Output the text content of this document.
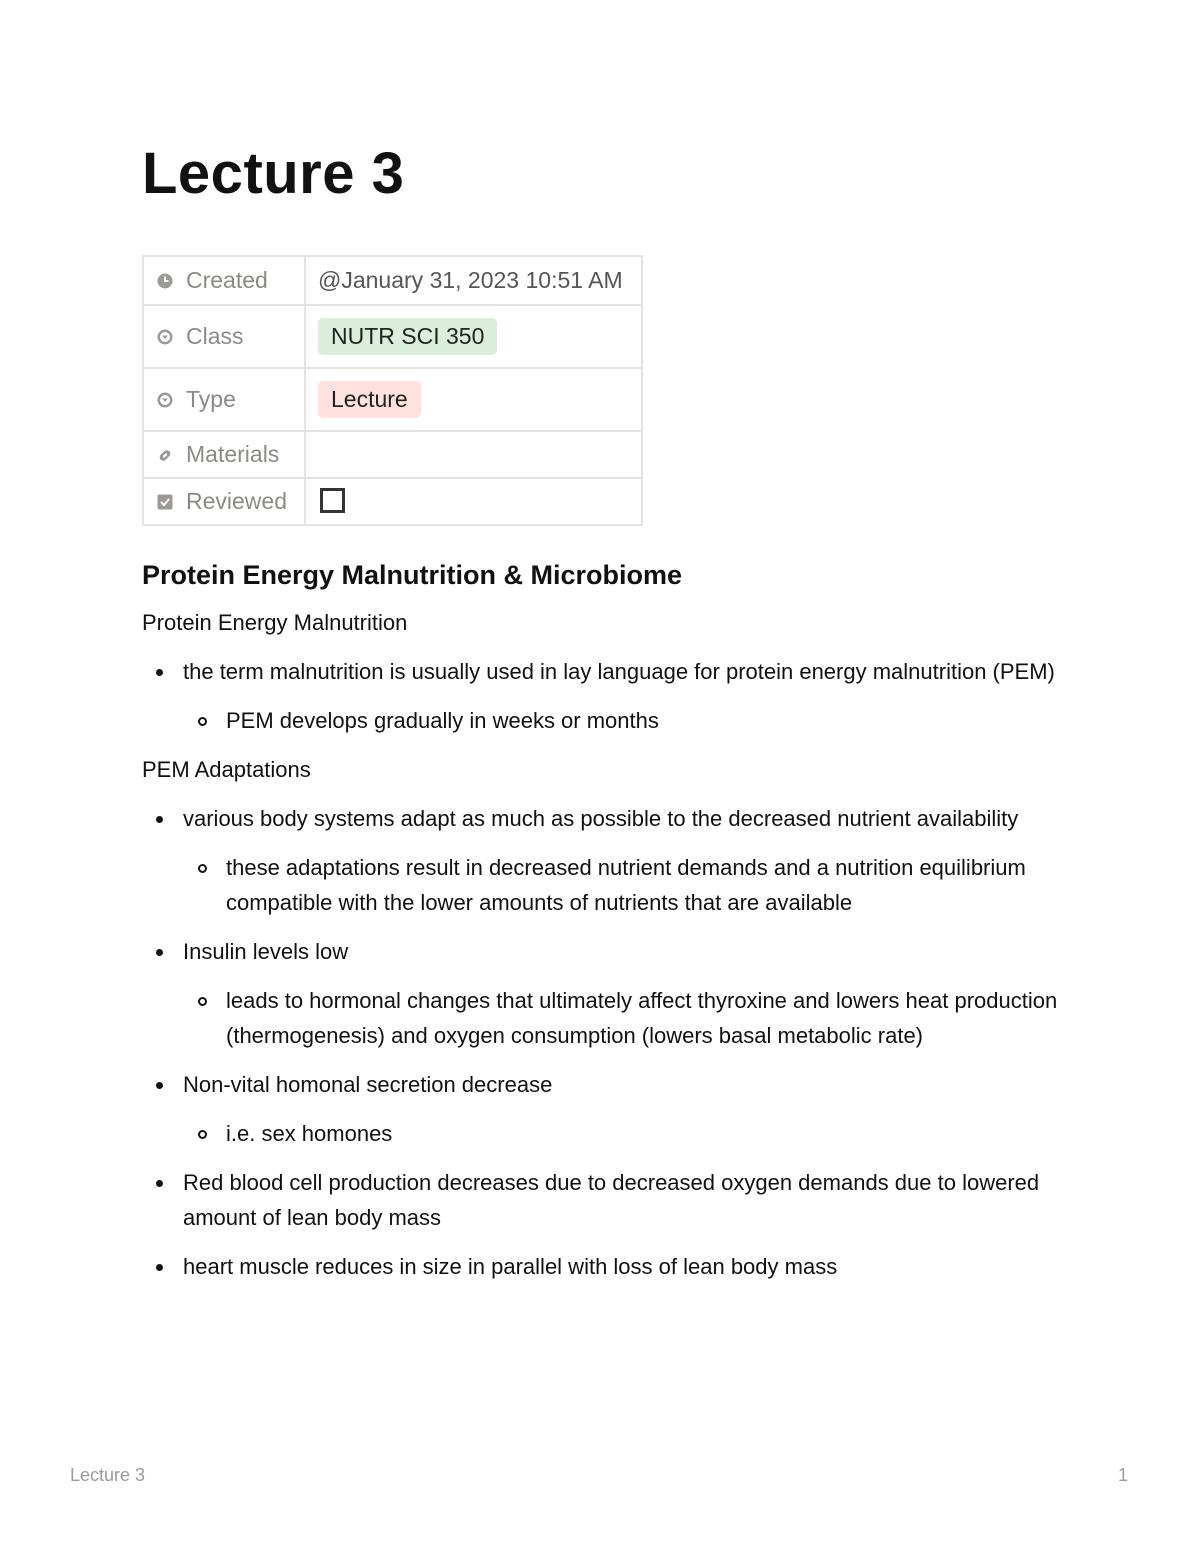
Lecture 3
Created	@January 31, 2023 10:51 AM
Class	NUTR SCI 350
Type	Lecture
Materials	
Reviewed	
Protein Energy Malnutrition & Microbiome

Protein Energy Malnutrition

the term malnutrition is usually used in lay language for protein energy malnutrition (PEM)
PEM develops gradually in weeks or months

PEM Adaptations

various body systems adapt as much as possible to the decreased nutrient availability
these adaptations result in decreased nutrient demands and a nutrition equilibrium compatible with the lower amounts of nutrients that are available
Insulin levels low
leads to hormonal changes that ultimately affect thyroxine and lowers heat production (thermogenesis) and oxygen consumption (lowers basal metabolic rate)
Non-vital homonal secretion decrease
i.e. sex homones
Red blood cell production decreases due to decreased oxygen demands due to lowered amount of lean body mass
heart muscle reduces in size in parallel with loss of lean body mass
Lecture 3	1
